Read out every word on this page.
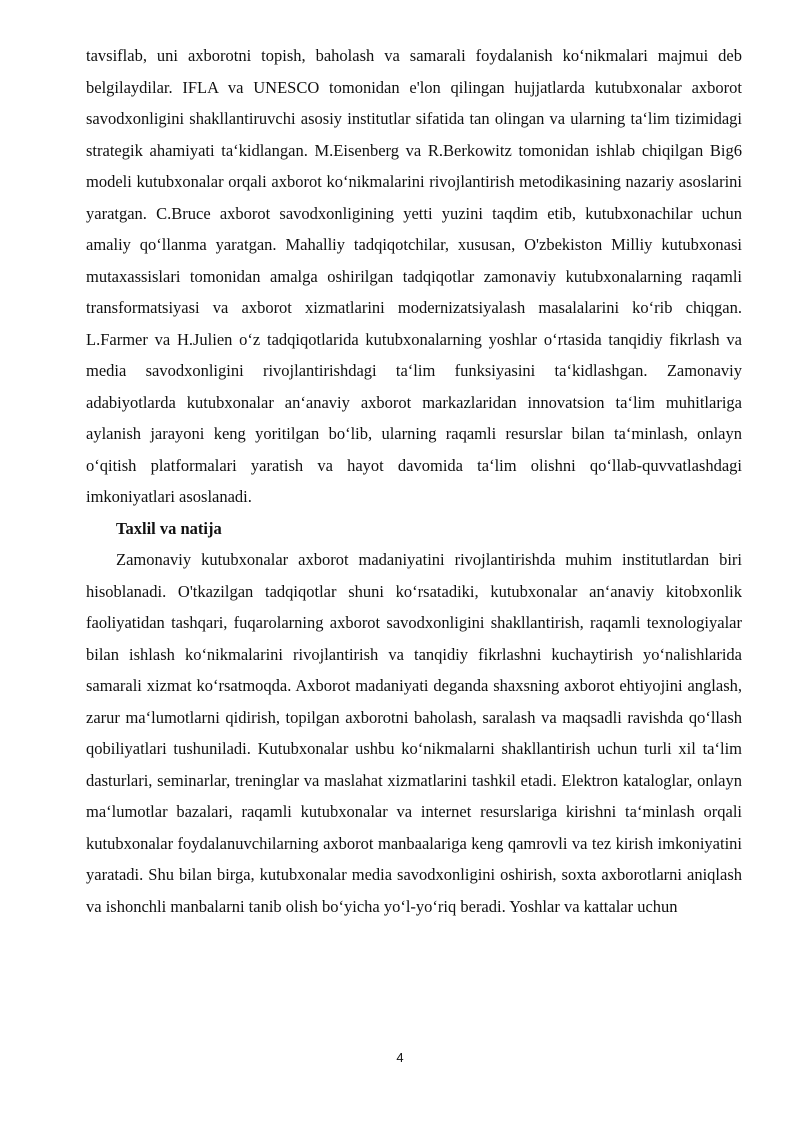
tavsiflab, uni axborotni topish, baholash va samarali foydalanish koʻnikmalari majmui deb belgilaydilar. IFLA va UNESCO tomonidan e'lon qilingan hujjatlarda kutubxonalar axborot savodxonligini shakllantiruvchi asosiy institutlar sifatida tan olingan va ularning taʻlim tizimidagi strategik ahamiyati taʻkidlangan. M.Eisenberg va R.Berkowitz tomonidan ishlab chiqilgan Big6 modeli kutubxonalar orqali axborot koʻnikmalarini rivojlantirish metodikasining nazariy asoslarini yaratgan. C.Bruce axborot savodxonligining yetti yuzini taqdim etib, kutubxonachilar uchun amaliy qoʻllanma yaratgan. Mahalliy tadqiqotchilar, xususan, O'zbekiston Milliy kutubxonasi mutaxassislari tomonidan amalga oshirilgan tadqiqotlar zamonaviy kutubxonalarning raqamli transformatsiyasi va axborot xizmatlarini modernizatsiyalash masalalarini koʻrib chiqgan. L.Farmer va H.Julien oʻz tadqiqotlarida kutubxonalarning yoshlar oʻrtasida tanqidiy fikrlash va media savodxonligini rivojlantirishdagi taʻlim funksiyasini taʻkidlashgan. Zamonaviy adabiyotlarda kutubxonalar anʻanaviy axborot markazlaridan innovatsion taʻlim muhitlariga aylanish jarayoni keng yoritilgan boʻlib, ularning raqamli resurslar bilan taʻminlash, onlayn oʻqitish platformalari yaratish va hayot davomida taʻlim olishni qoʻllab-quvvatlashdagi imkoniyatlari asoslanadi.

Taxlil va natija

Zamonaviy kutubxonalar axborot madaniyatini rivojlantirishda muhim institutlardan biri hisoblanadi. O'tkazilgan tadqiqotlar shuni koʻrsatadiki, kutubxonalar anʻanaviy kitobxonlik faoliyatidan tashqari, fuqarolarning axborot savodxonligini shakllantirish, raqamli texnologiyalar bilan ishlash koʻnikmalarini rivojlantirish va tanqidiy fikrlashni kuchaytirish yoʻnalishlarida samarali xizmat koʻrsatmoqda. Axborot madaniyati deganda shaxsning axborot ehtiyojini anglash, zarur maʻlumotlarni qidirish, topilgan axborotni baholash, saralash va maqsadli ravishda qoʻllash qobiliyatlari tushuniladi. Kutubxonalar ushbu koʻnikmalarni shakllantirish uchun turli xil taʻlim dasturlari, seminarlar, treninglar va maslahat xizmatlarini tashkil etadi. Elektron kataloglar, onlayn maʻlumotlar bazalari, raqamli kutubxonalar va internet resurslariga kirishni taʻminlash orqali kutubxonalar foydalanuvchilarning axborot manbaalariga keng qamrovli va tez kirish imkoniyatini yaratadi. Shu bilan birga, kutubxonalar media savodxonligini oshirish, soxta axborotlarni aniqlash va ishonchli manbalarni tanib olish boʻyicha yoʻl-yoʻriq beradi. Yoshlar va kattalar uchun

4
